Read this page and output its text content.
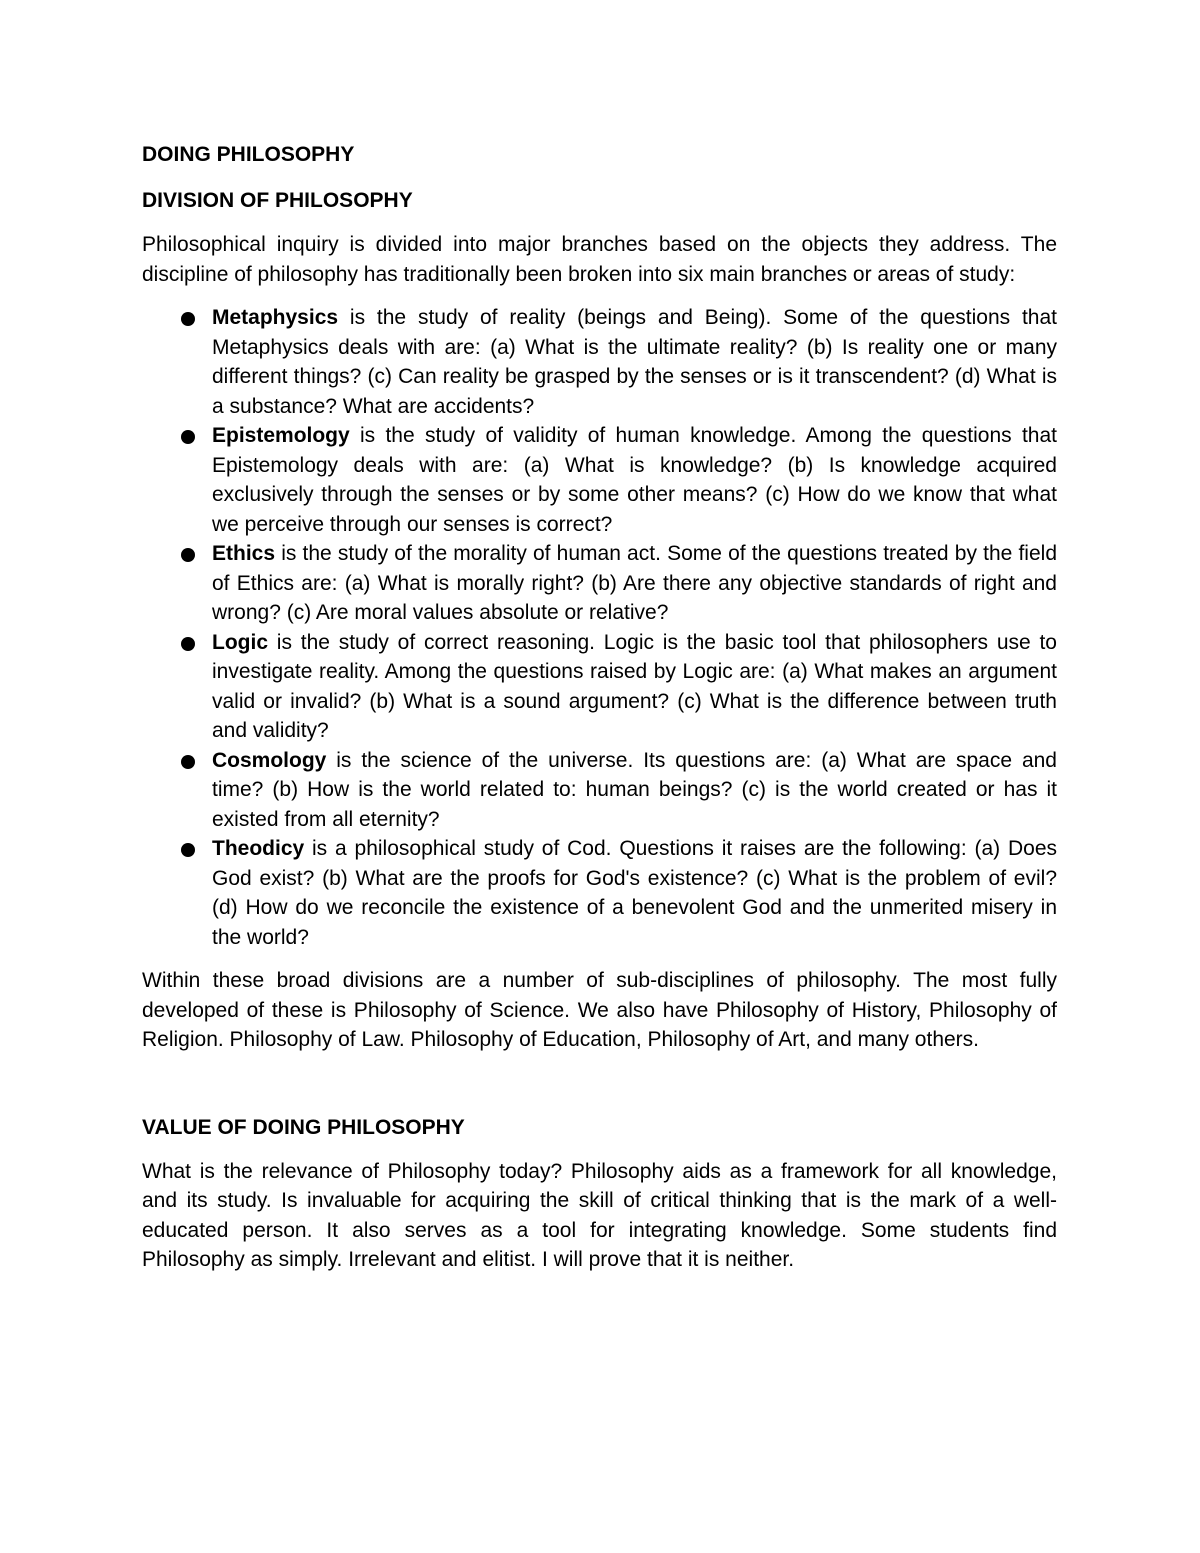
DOING PHILOSOPHY
DIVISION OF PHILOSOPHY

Philosophical inquiry is divided into major branches based on the objects they address. The discipline of philosophy has traditionally been broken into six main branches or areas of study:

Metaphysics is the study of reality (beings and Being). Some of the questions that Metaphysics deals with are: (a) What is the ultimate reality? (b) Is reality one or many different things? (c) Can reality be grasped by the senses or is it transcendent? (d) What is a substance? What are accidents?
Epistemology is the study of validity of human knowledge. Among the questions that Epistemology deals with are: (a) What is knowledge? (b) Is knowledge acquired exclusively through the senses or by some other means? (c) How do we know that what we perceive through our senses is correct?
Ethics is the study of the morality of human act. Some of the questions treated by the field of Ethics are: (a) What is morally right? (b) Are there any objective standards of right and wrong? (c) Are moral values absolute or relative?
Logic is the study of correct reasoning. Logic is the basic tool that philosophers use to investigate reality. Among the questions raised by Logic are: (a) What makes an argument valid or invalid? (b) What is a sound argument? (c) What is the difference between truth and validity?
Cosmology is the science of the universe. Its questions are: (a) What are space and time? (b) How is the world related to: human beings? (c) is the world created or has it existed from all eternity?
Theodicy is a philosophical study of Cod. Questions it raises are the following: (a) Does God exist? (b) What are the proofs for God's existence? (c) What is the problem of evil? (d) How do we reconcile the existence of a benevolent God and the unmerited misery in the world?

Within these broad divisions are a number of sub-disciplines of philosophy. The most fully developed of these is Philosophy of Science. We also have Philosophy of History, Philosophy of Religion. Philosophy of Law. Philosophy of Education, Philosophy of Art, and many others.

VALUE OF DOING PHILOSOPHY

What is the relevance of Philosophy today? Philosophy aids as a framework for all knowledge, and its study. Is invaluable for acquiring the skill of critical thinking that is the mark of a well-educated person. It also serves as a tool for integrating knowledge. Some students find Philosophy as simply. Irrelevant and elitist. I will prove that it is neither.
